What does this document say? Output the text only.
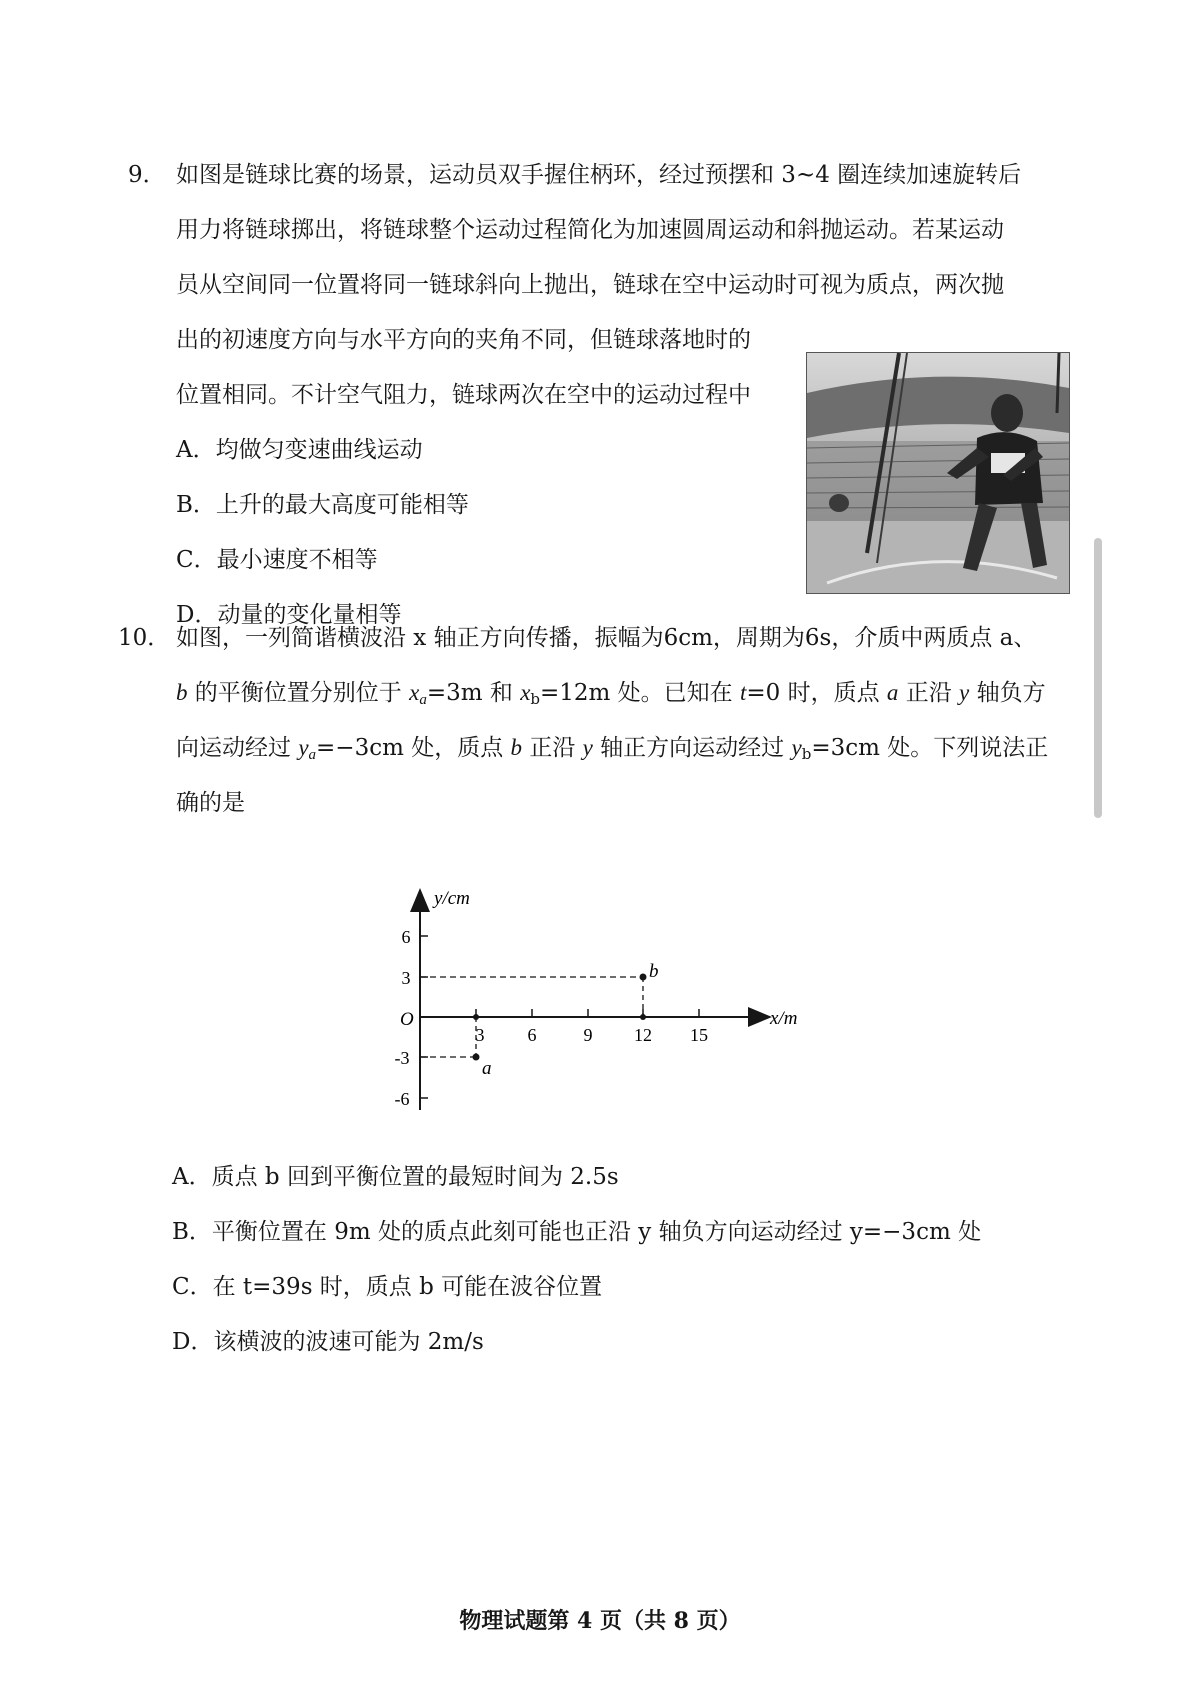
9． 如图是链球比赛的场景，运动员双手握住柄环，经过预摆和 3~4 圈连续加速旋转后
用力将链球掷出，将链球整个运动过程简化为加速圆周运动和斜抛运动。若某运动
员从空间同一位置将同一链球斜向上抛出，链球在空中运动时可视为质点，两次抛
出的初速度方向与水平方向的夹角不同，但链球落地时的
位置相同。不计空气阻力，链球两次在空中的运动过程中
A．均做匀变速曲线运动
B．上升的最大高度可能相等
C．最小速度不相等
D．动量的变化量相等
10． 如图，一列简谐横波沿 x 轴正方向传播，振幅为6cm，周期为6s，介质中两质点 a、
b 的平衡位置分别位于 $x_a=3m$ 和 $x_b=12m$ 处。已知在 t=0 时，质点 a 正沿 y 轴负方
向运动经过 $y_a=-3cm$ 处，质点 b 正沿 y 轴正方向运动经过 $y_b=3cm$ 处。下列说法正
确的是
y/cm
x/m
O
6
3
-3
-6
3 6	9 12 15
a
b
A．质点 b 回到平衡位置的最短时间为 2.5s
B．平衡位置在 9m 处的质点此刻可能也正沿 y 轴负方向运动经过 y=−3cm 处
C．在 t=39s 时，质点 b 可能在波谷位置
D．该横波的波速可能为 2m/s
物理试题第 4 页（共 8 页）
